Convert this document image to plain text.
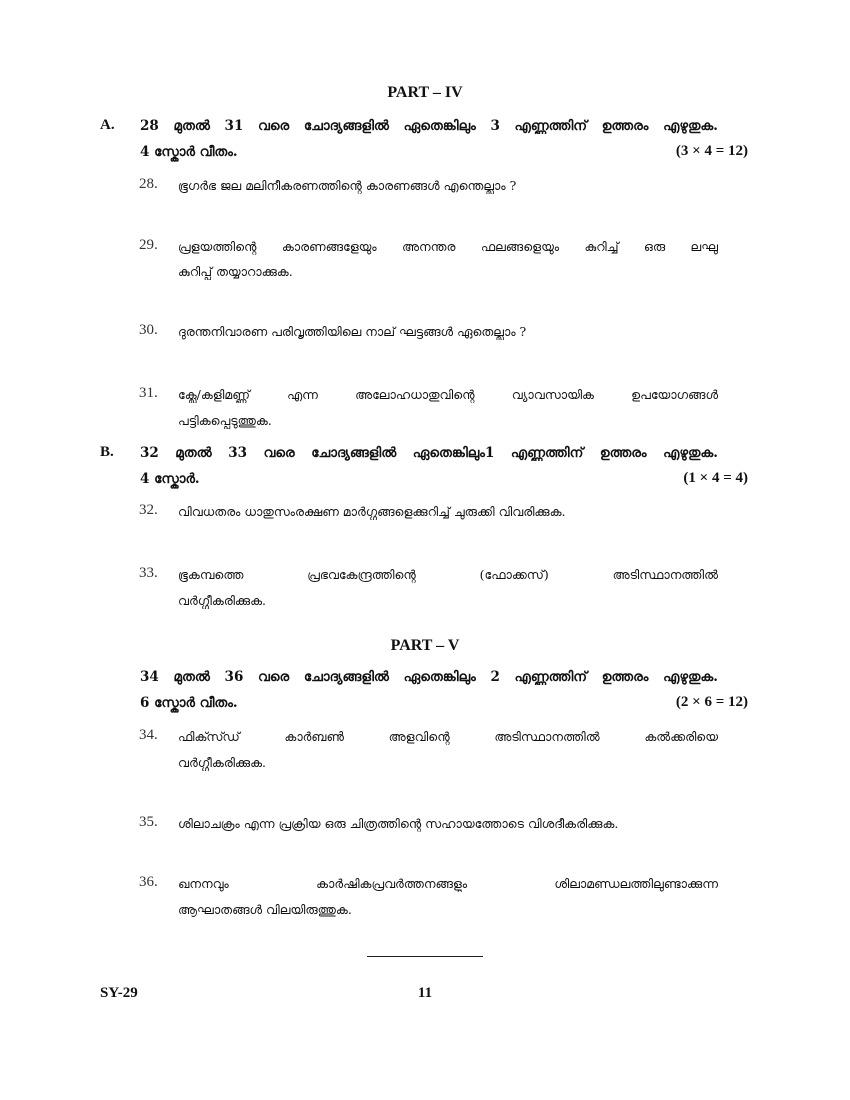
PART – IV
A. 28 മുതൽ 31 വരെ ചോദ്യങ്ങളിൽ ഏതെങ്കിലും 3 എണ്ണത്തിന് ഉത്തരം എഴുതുക.
4 സ്കോർ വീതം.	(3 × 4 = 12)
28. ഭൂഗർഭ ജല മലിനീകരണത്തിന്റെ കാരണങ്ങൾ എന്തെല്ലാം ?
29. പ്രളയത്തിന്റെ കാരണങ്ങളേയും അനന്തര ഫലങ്ങളെയും കുറിച്ച് ഒരു ലഘു
കുറിപ്പ് തയ്യാറാക്കുക.
30. ദുരന്തനിവാരണ പരിവൃത്തിയിലെ നാല് ഘട്ടങ്ങൾ ഏതെല്ലാം ?
31. ക്ലേ/കളിമണ്ണ് എന്ന അലോഹധാതുവിന്റെ വ്യാവസായിക ഉപയോഗങ്ങൾ
പട്ടികപ്പെടുത്തുക.
B. 32 മുതൽ 33 വരെ ചോദ്യങ്ങളിൽ ഏതെങ്കിലും1 എണ്ണത്തിന് ഉത്തരം എഴുതുക.
4 സ്കോർ.	(1 × 4 = 4)
32. വിവധതരം ധാതുസംരക്ഷണ മാർഗ്ഗങ്ങളെക്കുറിച്ച് ചുരുക്കി വിവരിക്കുക.
33. ഭൂകമ്പത്തെ പ്രഭവകേന്ദ്രത്തിന്റെ (ഫോക്കസ്) അടിസ്ഥാനത്തിൽ
വർഗ്ഗീകരിക്കുക.
PART – V
34 മുതൽ 36 വരെ ചോദ്യങ്ങളിൽ ഏതെങ്കിലും 2 എണ്ണത്തിന് ഉത്തരം എഴുതുക.
6 സ്കോർ വീതം.	(2 × 6 = 12)
34. ഫിക്സ്ഡ് കാർബൺ അളവിന്റെ അടിസ്ഥാനത്തിൽ കൽക്കരിയെ
വർഗ്ഗീകരിക്കുക.
35. ശിലാചക്രം എന്ന പ്രക്രിയ ഒരു ചിത്രത്തിന്റെ സഹായത്തോടെ വിശദീകരിക്കുക.
36. ഖനനവും കാർഷികപ്രവർത്തനങ്ങളും ശിലാമണ്ഡലത്തിലുണ്ടാക്കുന്ന
ആഘാതങ്ങൾ വിലയിരുത്തുക.
SY-29	11
